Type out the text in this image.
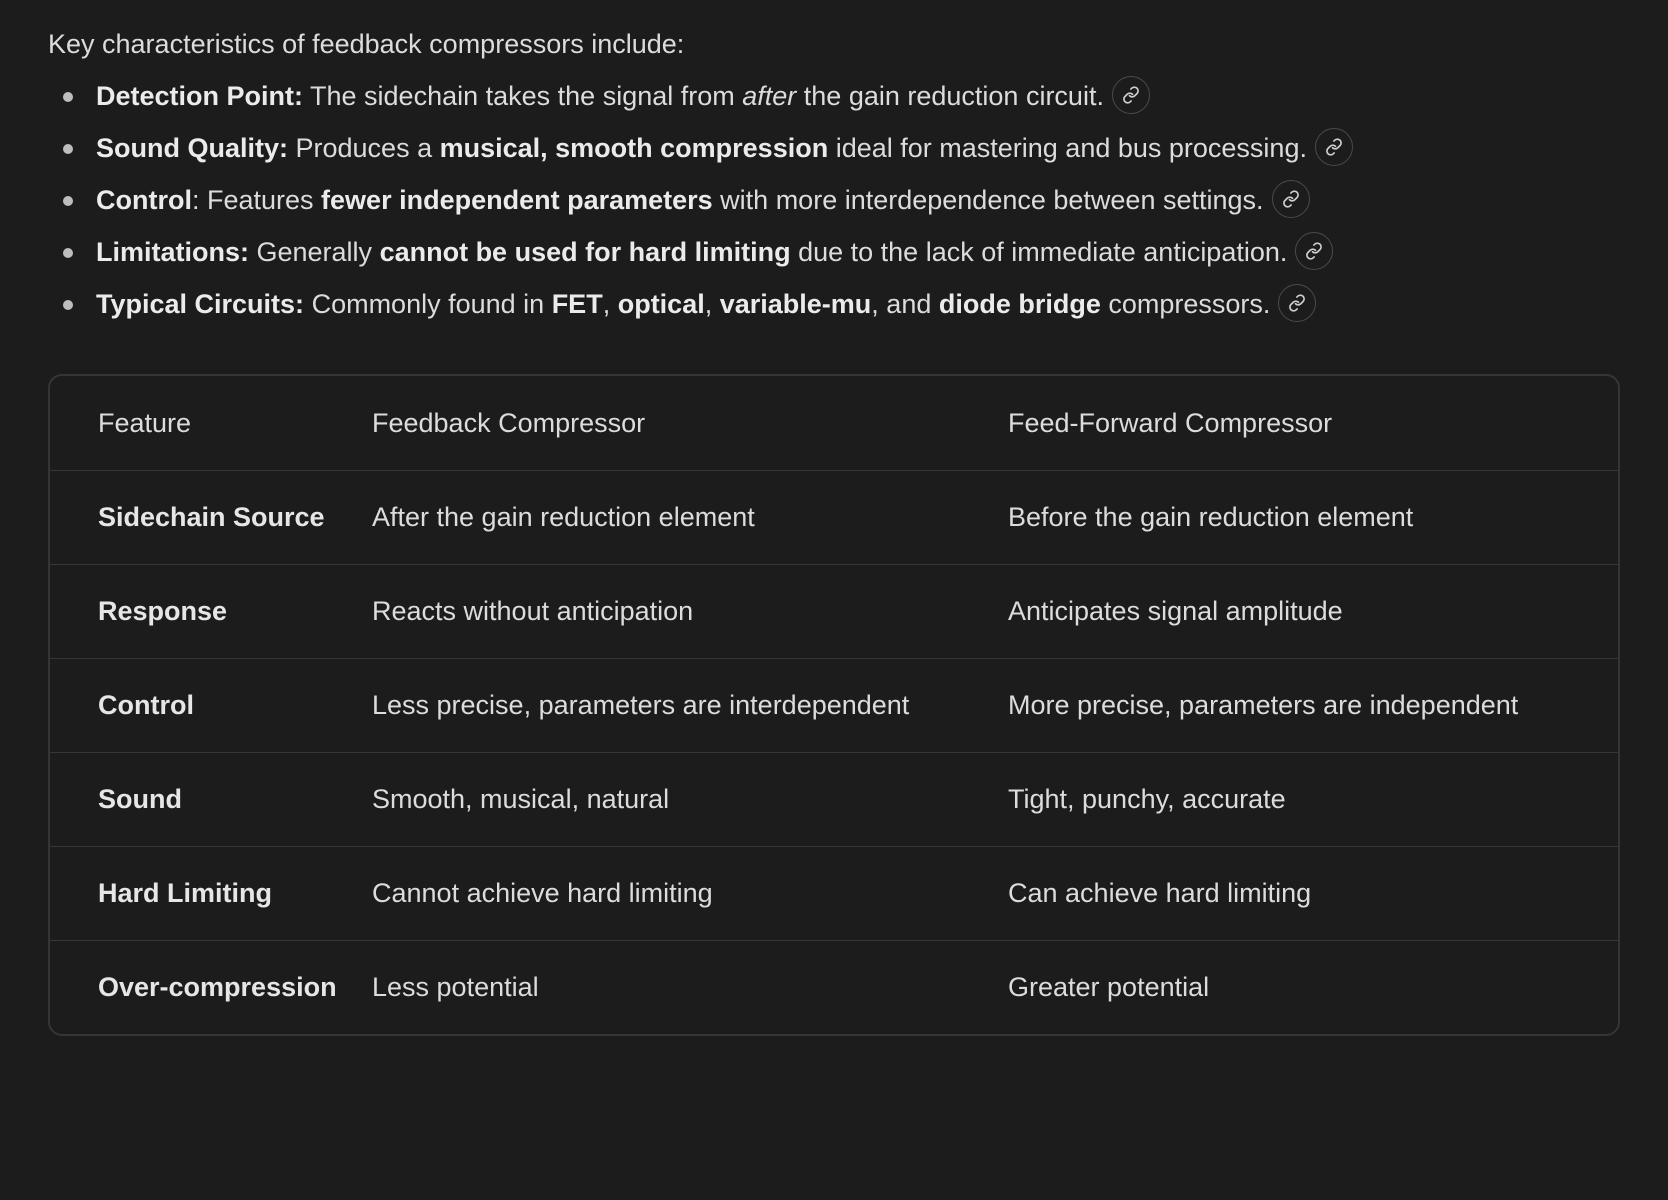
Key characteristics of feedback compressors include:

Detection Point: The sidechain takes the signal from after the gain reduction circuit.
Sound Quality: Produces a musical, smooth compression ideal for mastering and bus processing.
Control: Features fewer independent parameters with more interdependence between settings.
Limitations: Generally cannot be used for hard limiting due to the lack of immediate anticipation.
Typical Circuits: Commonly found in FET, optical, variable-mu, and diode bridge compressors.
Feature	Feedback Compressor	Feed-Forward Compressor
Sidechain Source	After the gain reduction element	Before the gain reduction element
Response	Reacts without anticipation	Anticipates signal amplitude
Control	Less precise, parameters are interdependent	More precise, parameters are independent
Sound	Smooth, musical, natural	Tight, punchy, accurate
Hard Limiting	Cannot achieve hard limiting	Can achieve hard limiting
Over-compression	Less potential	Greater potential
